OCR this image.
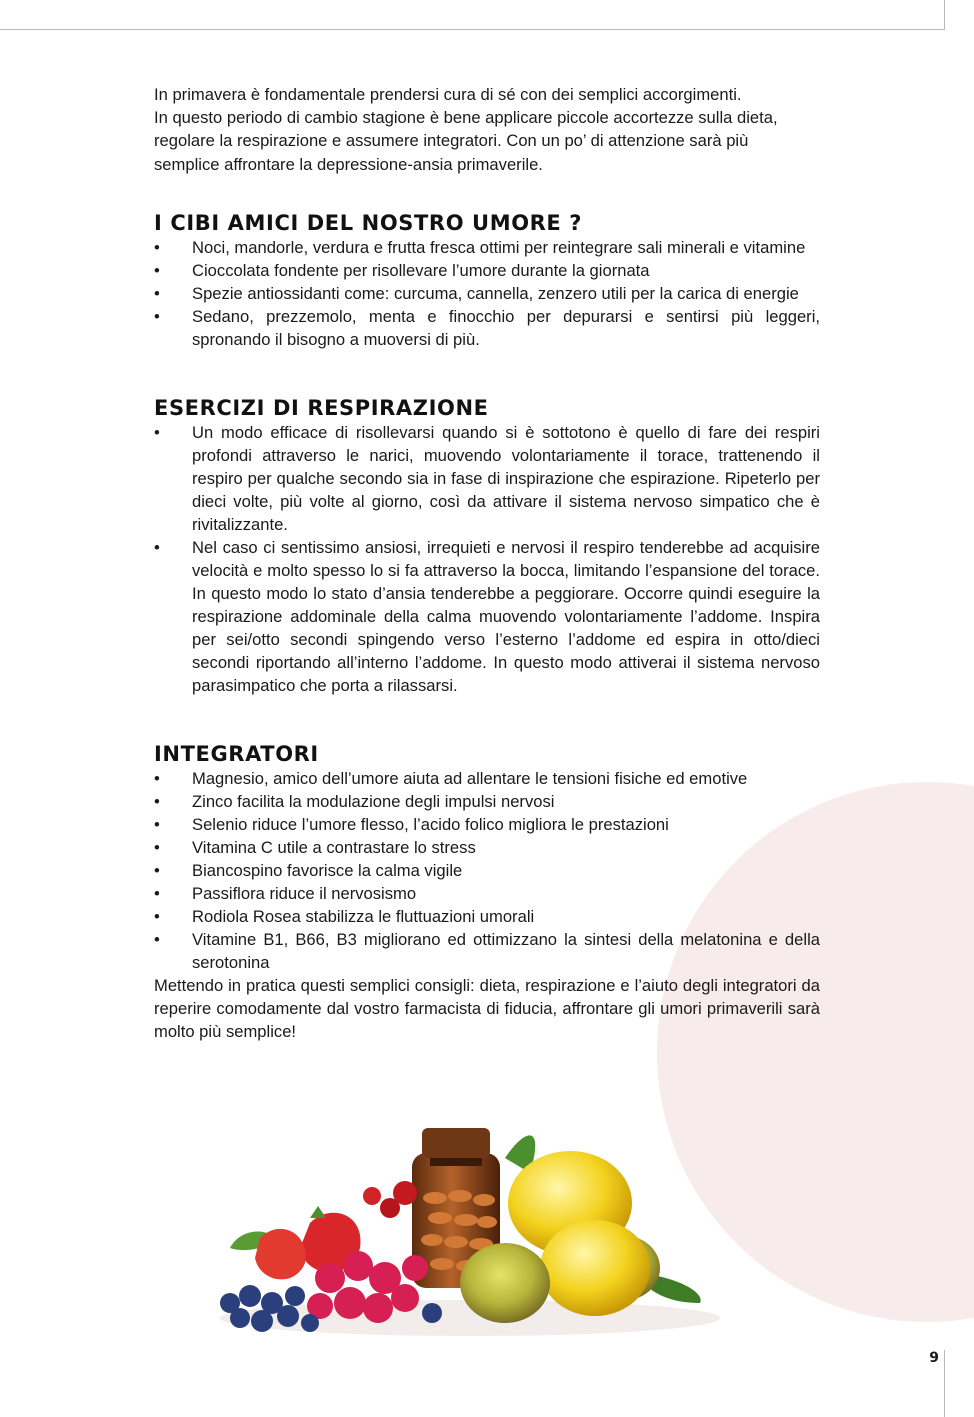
In primavera è fondamentale prendersi cura di sé con dei semplici accorgimenti.

In questo periodo di cambio stagione è bene applicare piccole accortezze sulla dieta,

regolare la respirazione e assumere integratori. Con un po’ di attenzione sarà più

semplice affrontare la depressione-ansia primaverile.

I CIBI AMICI DEL NOSTRO UMORE ?
• Noci, mandorle, verdura e frutta fresca ottimi per reintegrare sali minerali e vitamine
• Cioccolata fondente per risollevare l’umore durante la giornata
• Spezie antiossidanti come: curcuma, cannella, zenzero utili per la carica di energie
• Sedano, prezzemolo, menta e finocchio per depurarsi e sentirsi più leggeri, spronando il bisogno a muoversi di più.
ESERCIZI DI RESPIRAZIONE
• Un modo efficace di risollevarsi quando si è sottotono è quello di fare dei respiri profondi attraverso le narici, muovendo volontariamente il torace, trattenendo il respiro per qualche secondo sia in fase di inspirazione che espirazione. Ripeterlo per dieci volte, più volte al giorno, così da attivare il sistema nervoso simpatico che è rivitalizzante.
• Nel caso ci sentissimo ansiosi, irrequieti e nervosi il respiro tenderebbe ad acquisire velocità e molto spesso lo si fa attraverso la bocca, limitando l’espansione del torace. In questo modo lo stato d’ansia tenderebbe a peggiorare. Occorre quindi eseguire la respirazione addominale della calma muovendo volontariamente l’addome. Inspira per sei/otto secondi spingendo verso l’esterno l’addome ed espira in otto/dieci secondi riportando all’interno l’addome. In questo modo attiverai il sistema nervoso parasimpatico che porta a rilassarsi.
INTEGRATORI
• Magnesio, amico dell’umore aiuta ad allentare le tensioni fisiche ed emotive
• Zinco facilita la modulazione degli impulsi nervosi
• Selenio riduce l’umore flesso, l’acido folico migliora le prestazioni
• Vitamina C utile a contrastare lo stress
• Biancospino favorisce la calma vigile
• Passiflora riduce il nervosismo
• Rodiola Rosea stabilizza le fluttuazioni umorali
• Vitamine B1, B66, B3 migliorano ed ottimizzano la sintesi della melatonina e della serotonina

Mettendo in pratica questi semplici consigli: dieta, respirazione e l’aiuto degli integratori da reperire comodamente dal vostro farmacista di fiducia, affrontare gli umori primaverili sarà molto più semplice!

9
